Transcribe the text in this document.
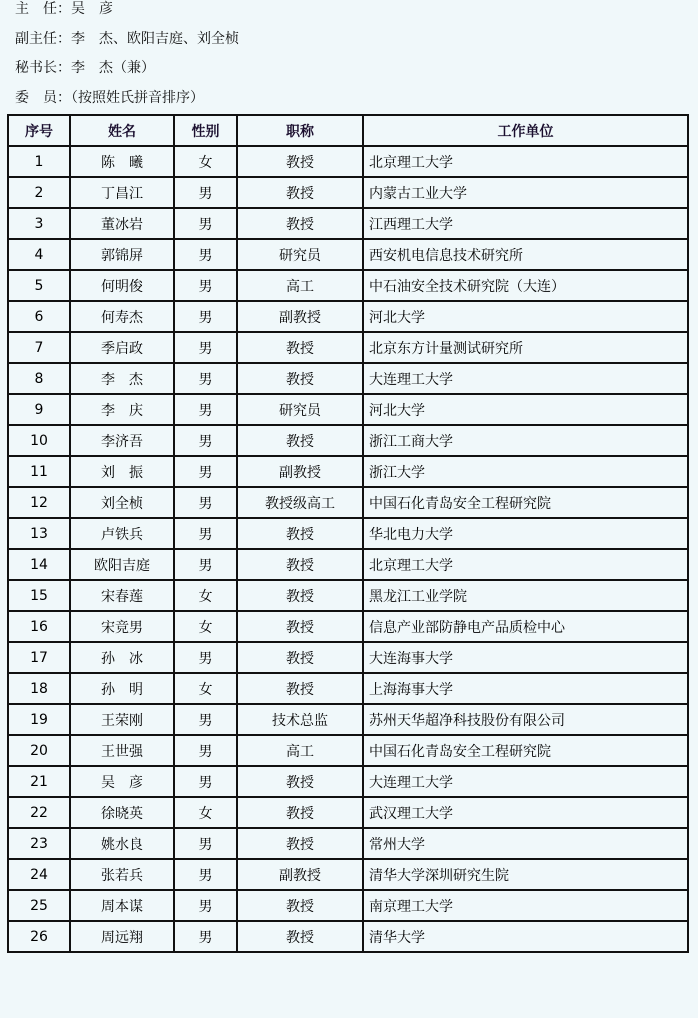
主　任：吴　彦
副主任：李　杰、欧阳吉庭、刘全桢
秘书长：李　杰（兼）
委　员：（按照姓氏拼音排序）
序号	姓名	性别	职称	工作单位
1	陈　曦	女	教授	北京理工大学
2	丁昌江	男	教授	内蒙古工业大学
3	董冰岩	男	教授	江西理工大学
4	郭锦屏	男	研究员	西安机电信息技术研究所
5	何明俊	男	高工	中石油安全技术研究院（大连）
6	何寿杰	男	副教授	河北大学
7	季启政	男	教授	北京东方计量测试研究所
8	李　杰	男	教授	大连理工大学
9	李　庆	男	研究员	河北大学
10	李济吾	男	教授	浙江工商大学
11	刘　振	男	副教授	浙江大学
12	刘全桢	男	教授级高工	中国石化青岛安全工程研究院
13	卢铁兵	男	教授	华北电力大学
14	欧阳吉庭	男	教授	北京理工大学
15	宋春莲	女	教授	黑龙江工业学院
16	宋竞男	女	教授	信息产业部防静电产品质检中心
17	孙　冰	男	教授	大连海事大学
18	孙　明	女	教授	上海海事大学
19	王荣刚	男	技术总监	苏州天华超净科技股份有限公司
20	王世强	男	高工	中国石化青岛安全工程研究院
21	吴　彦	男	教授	大连理工大学
22	徐晓英	女	教授	武汉理工大学
23	姚水良	男	教授	常州大学
24	张若兵	男	副教授	清华大学深圳研究生院
25	周本谋	男	教授	南京理工大学
26	周远翔	男	教授	清华大学
